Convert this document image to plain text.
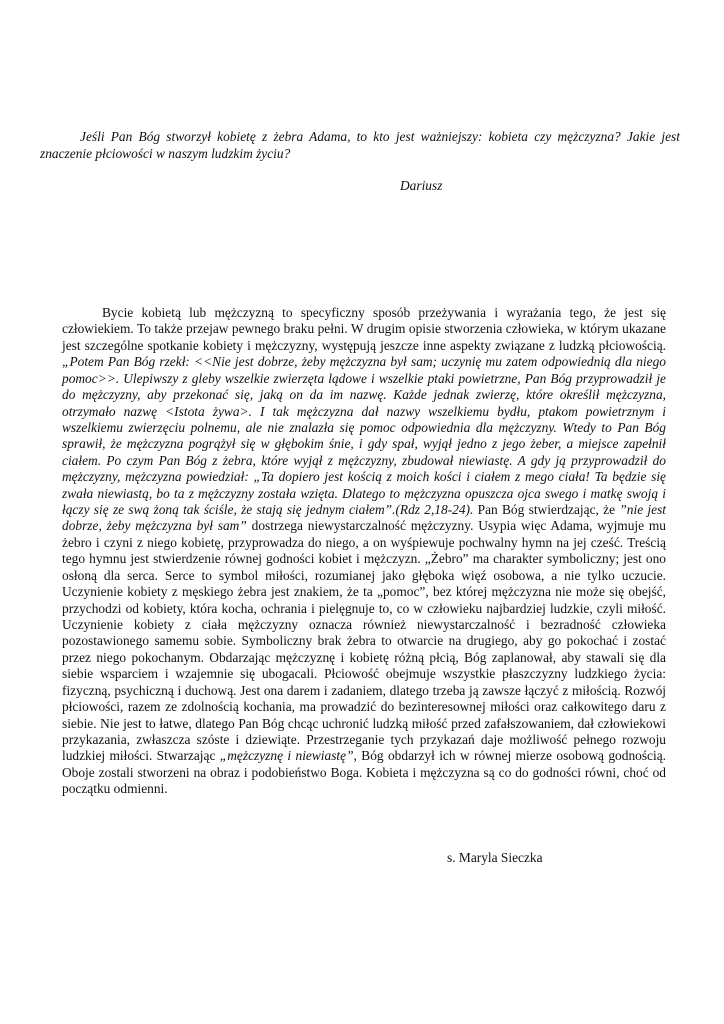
Jeśli Pan Bóg stworzył kobietę z żebra Adama, to kto jest ważniejszy: kobieta czy mężczyzna? Jakie jest znaczenie płciowości w naszym ludzkim życiu?

Dariusz

Bycie kobietą lub mężczyzną to specyficzny sposób przeżywania i wyrażania tego, że jest się człowiekiem. To także przejaw pewnego braku pełni. W drugim opisie stworzenia człowieka, w którym ukazane jest szczególne spotkanie kobiety i mężczyzny, występują jeszcze inne aspekty związane z ludzką płciowością. „Potem Pan Bóg rzekł: <<Nie jest dobrze, żeby mężczyzna był sam; uczynię mu zatem odpowiednią dla niego pomoc>>. Ulepiwszy z gleby wszelkie zwierzęta lądowe i wszelkie ptaki powietrzne, Pan Bóg przyprowadził je do mężczyzny, aby przekonać się, jaką on da im nazwę. Każde jednak zwierzę, które określił mężczyzna, otrzymało nazwę <Istota żywa>. I tak mężczyzna dał nazwy wszelkiemu bydłu, ptakom powietrznym i wszelkiemu zwierzęciu polnemu, ale nie znalazła się pomoc odpowiednia dla mężczyzny. Wtedy to Pan Bóg sprawił, że mężczyzna pogrążył się w głębokim śnie, i gdy spał, wyjął jedno z jego żeber, a miejsce zapełnił ciałem. Po czym Pan Bóg z żebra, które wyjął z mężczyzny, zbudował niewiastę. A gdy ją przyprowadził do mężczyzny, mężczyzna powiedział: „Ta dopiero jest kością z moich kości i ciałem z mego ciała! Ta będzie się zwała niewiastą, bo ta z mężczyzny została wzięta. Dlatego to mężczyzna opuszcza ojca swego i matkę swoją i łączy się ze swą żoną tak ściśle, że stają się jednym ciałem”.(Rdz 2,18-24). Pan Bóg stwierdzając, że ”nie jest dobrze, żeby mężczyzna był sam” dostrzega niewystarczalność mężczyzny. Usypia więc Adama, wyjmuje mu żebro i czyni z niego kobietę, przyprowadza do niego, a on wyśpiewuje pochwalny hymn na jej cześć. Treścią tego hymnu jest stwierdzenie równej godności kobiet i mężczyzn. „Żebro” ma charakter symboliczny; jest ono osłoną dla serca. Serce to symbol miłości, rozumianej jako głęboka więź osobowa, a nie tylko uczucie. Uczynienie kobiety z męskiego żebra jest znakiem, że ta „pomoc”, bez której mężczyzna nie może się obejść, przychodzi od kobiety, która kocha, ochrania i pielęgnuje to, co w człowieku najbardziej ludzkie, czyli miłość. Uczynienie kobiety z ciała mężczyzny oznacza również niewystarczalność i bezradność człowieka pozostawionego samemu sobie. Symboliczny brak żebra to otwarcie na drugiego, aby go pokochać i zostać przez niego pokochanym. Obdarzając mężczyznę i kobietę różną płcią, Bóg zaplanował, aby stawali się dla siebie wsparciem i wzajemnie się ubogacali. Płciowość obejmuje wszystkie płaszczyzny ludzkiego życia: fizyczną, psychiczną i duchową. Jest ona darem i zadaniem, dlatego trzeba ją zawsze łączyć z miłością. Rozwój płciowości, razem ze zdolnością kochania, ma prowadzić do bezinteresownej miłości oraz całkowitego daru z siebie. Nie jest to łatwe, dlatego Pan Bóg chcąc uchronić ludzką miłość przed zafałszowaniem, dał człowiekowi przykazania, zwłaszcza szóste i dziewiąte. Przestrzeganie tych przykazań daje możliwość pełnego rozwoju ludzkiej miłości. Stwarzając „mężczyznę i niewiastę”, Bóg obdarzył ich w równej mierze osobową godnością. Oboje zostali stworzeni na obraz i podobieństwo Boga. Kobieta i mężczyzna są co do godności równi, choć od początku odmienni.

s. Maryla Sieczka
